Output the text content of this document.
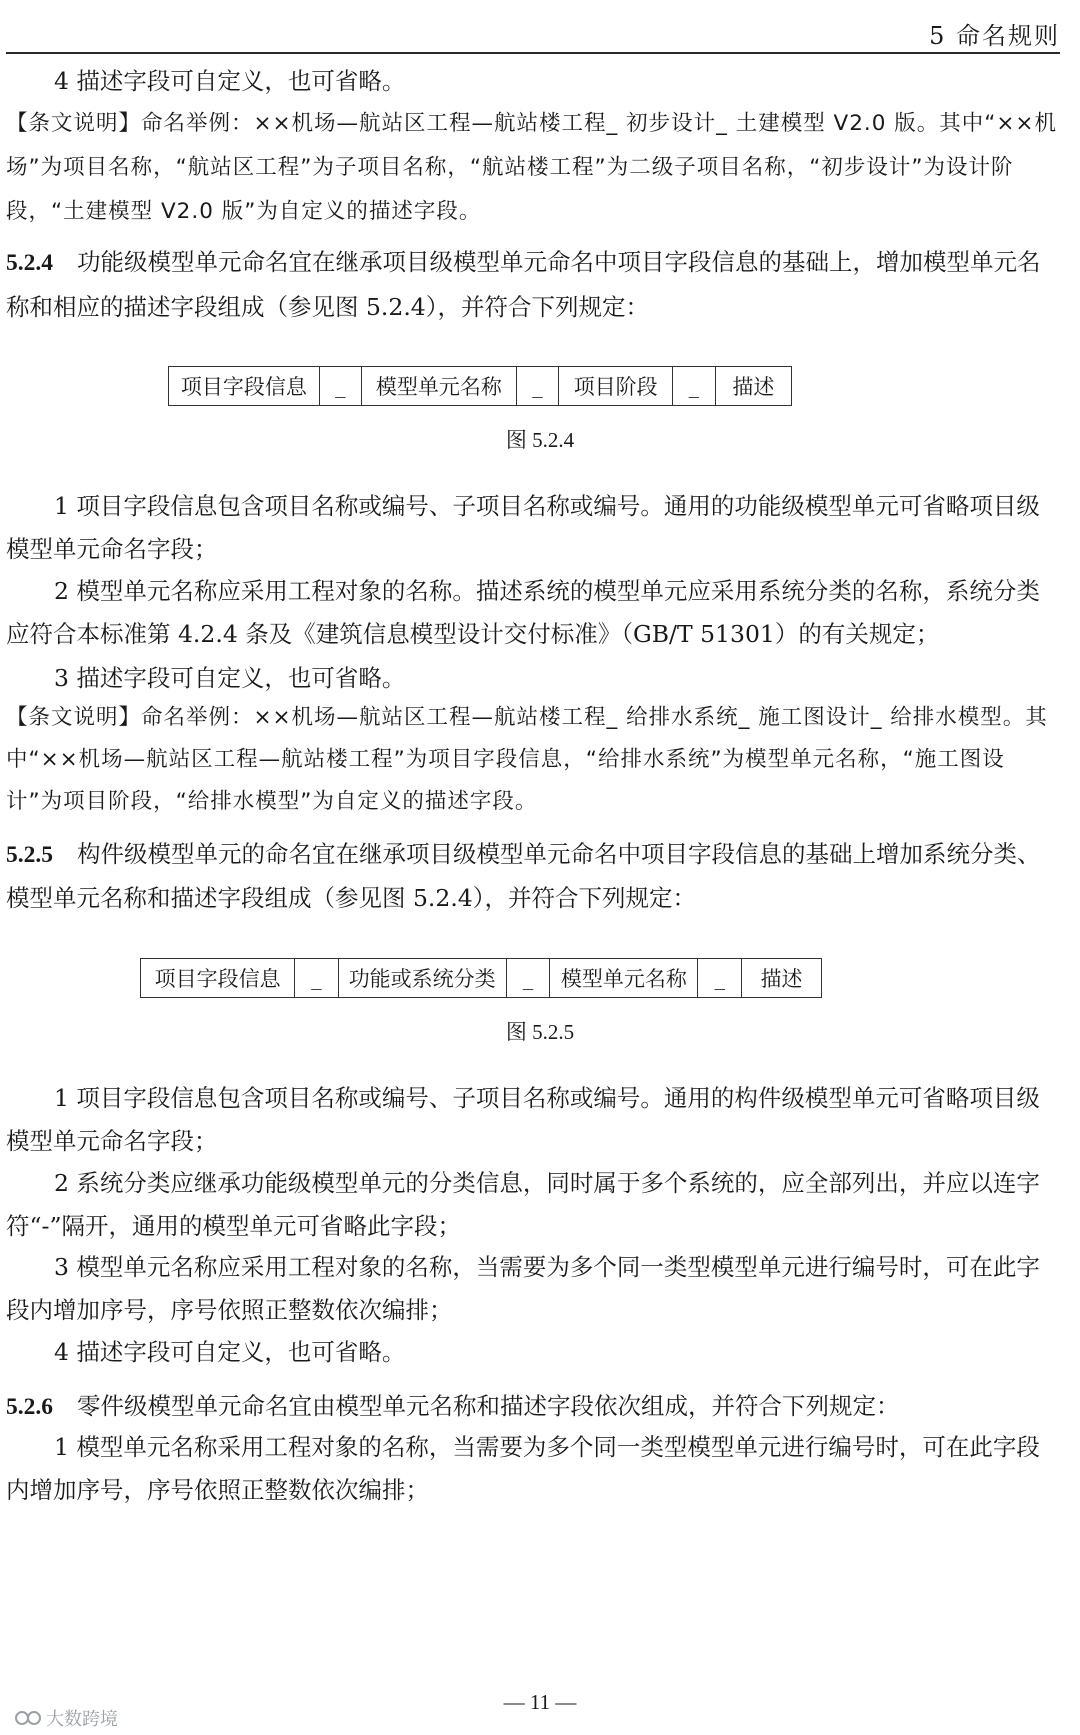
5 命名规则

4 描述字段可自定义，也可省略。

【条文说明】命名举例：××机场—航站区工程—航站楼工程_ 初步设计_ 土建模型 V2.0 版。其中“××机场”为项目名称，“航站区工程”为子项目名称，“航站楼工程”为二级子项目名称，“初步设计”为设计阶段，“土建模型 V2.0 版”为自定义的描述字段。

5.2.4 功能级模型单元命名宜在继承项目级模型单元命名中项目字段信息的基础上，增加模型单元名称和相应的描述字段组成（参见图 5.2.4），并符合下列规定：

项目字段信息	_	模型单元名称	_	项目阶段	_	描述
图 5.2.4

1 项目字段信息包含项目名称或编号、子项目名称或编号。通用的功能级模型单元可省略项目级模型单元命名字段；

2 模型单元名称应采用工程对象的名称。描述系统的模型单元应采用系统分类的名称，系统分类应符合本标准第 4.2.4 条及《建筑信息模型设计交付标准》（GB/T 51301）的有关规定；

3 描述字段可自定义，也可省略。

【条文说明】命名举例：××机场—航站区工程—航站楼工程_ 给排水系统_ 施工图设计_ 给排水模型。其中“××机场—航站区工程—航站楼工程”为项目字段信息，“给排水系统”为模型单元名称，“施工图设计”为项目阶段，“给排水模型”为自定义的描述字段。

5.2.5 构件级模型单元的命名宜在继承项目级模型单元命名中项目字段信息的基础上增加系统分类、模型单元名称和描述字段组成（参见图 5.2.4），并符合下列规定：

项目字段信息	_	功能或系统分类	_	模型单元名称	_	描述
图 5.2.5

1 项目字段信息包含项目名称或编号、子项目名称或编号。通用的构件级模型单元可省略项目级模型单元命名字段；

2 系统分类应继承功能级模型单元的分类信息，同时属于多个系统的，应全部列出，并应以连字符“-”隔开，通用的模型单元可省略此字段；

3 模型单元名称应采用工程对象的名称，当需要为多个同一类型模型单元进行编号时，可在此字段内增加序号，序号依照正整数依次编排；

4 描述字段可自定义，也可省略。

5.2.6 零件级模型单元命名宜由模型单元名称和描述字段依次组成，并符合下列规定：

1 模型单元名称采用工程对象的名称，当需要为多个同一类型模型单元进行编号时，可在此字段内增加序号，序号依照正整数依次编排；

— 11 —
大数跨境
